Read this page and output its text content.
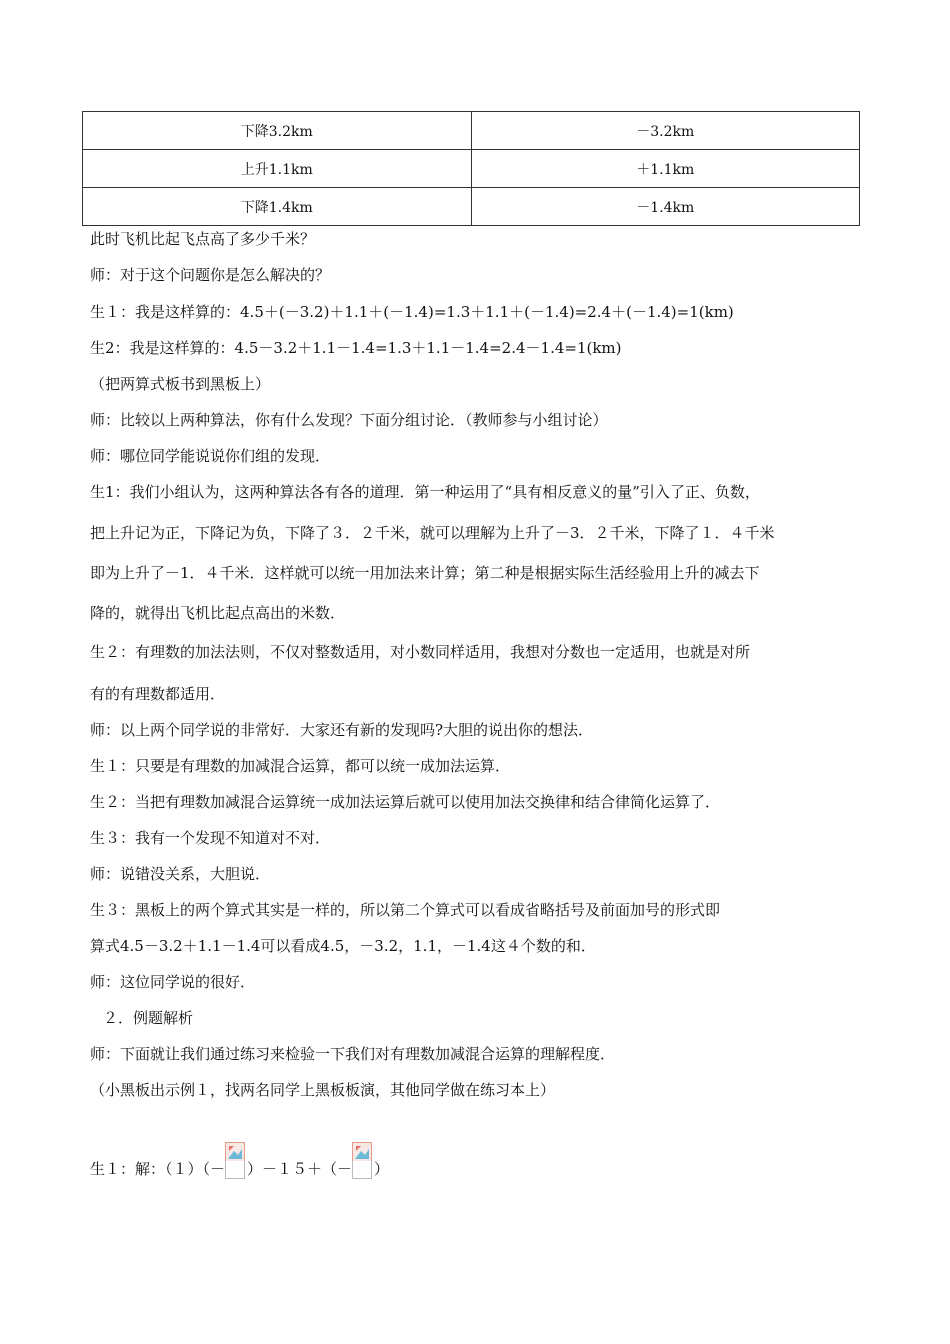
下降3.2km	－3.2km
上升1.1km	＋1.1km
下降1.4km	－1.4km
此时飞机比起飞点高了多少千米？
师：对于这个问题你是怎么解决的？
生１：我是这样算的：4.5＋(－3.2)＋1.1＋(－1.4)=1.3＋1.1＋(－1.4)=2.4＋(－1.4)=1(km)
生2：我是这样算的：4.5－3.2＋1.1－1.4=1.3＋1.1－1.4=2.4－1.4=1(km)
（把两算式板书到黑板上）
师：比较以上两种算法，你有什么发现？下面分组讨论．（教师参与小组讨论）
师：哪位同学能说说你们组的发现．
生1：我们小组认为，这两种算法各有各的道理．第一种运用了“具有相反意义的量”引入了正、负数，
把上升记为正，下降记为负，下降了３．２千米，就可以理解为上升了－3．２千米，下降了１．４千米
即为上升了－1．４千米．这样就可以统一用加法来计算；第二种是根据实际生活经验用上升的减去下
降的，就得出飞机比起点高出的米数．
生２：有理数的加法法则，不仅对整数适用，对小数同样适用，我想对分数也一定适用，也就是对所
有的有理数都适用．
师：以上两个同学说的非常好．大家还有新的发现吗?大胆的说出你的想法．
生１：只要是有理数的加减混合运算，都可以统一成加法运算．
生２：当把有理数加减混合运算统一成加法运算后就可以使用加法交换律和结合律简化运算了．
生３：我有一个发现不知道对不对．
师：说错没关系，大胆说．
生３：黑板上的两个算式其实是一样的，所以第二个算式可以看成省略括号及前面加号的形式即
算式4.5－3.2＋1.1－1.4可以看成4.5，－3.2，1.1，－1.4这４个数的和．
师：这位同学说的很好．
２．例题解析
师：下面就让我们通过练习来检验一下我们对有理数加减混合运算的理解程度．
（小黑板出示例１，找两名同学上黑板板演，其他同学做在练习本上）
生１：解：（１）（－ ）－１５＋（－ ）
